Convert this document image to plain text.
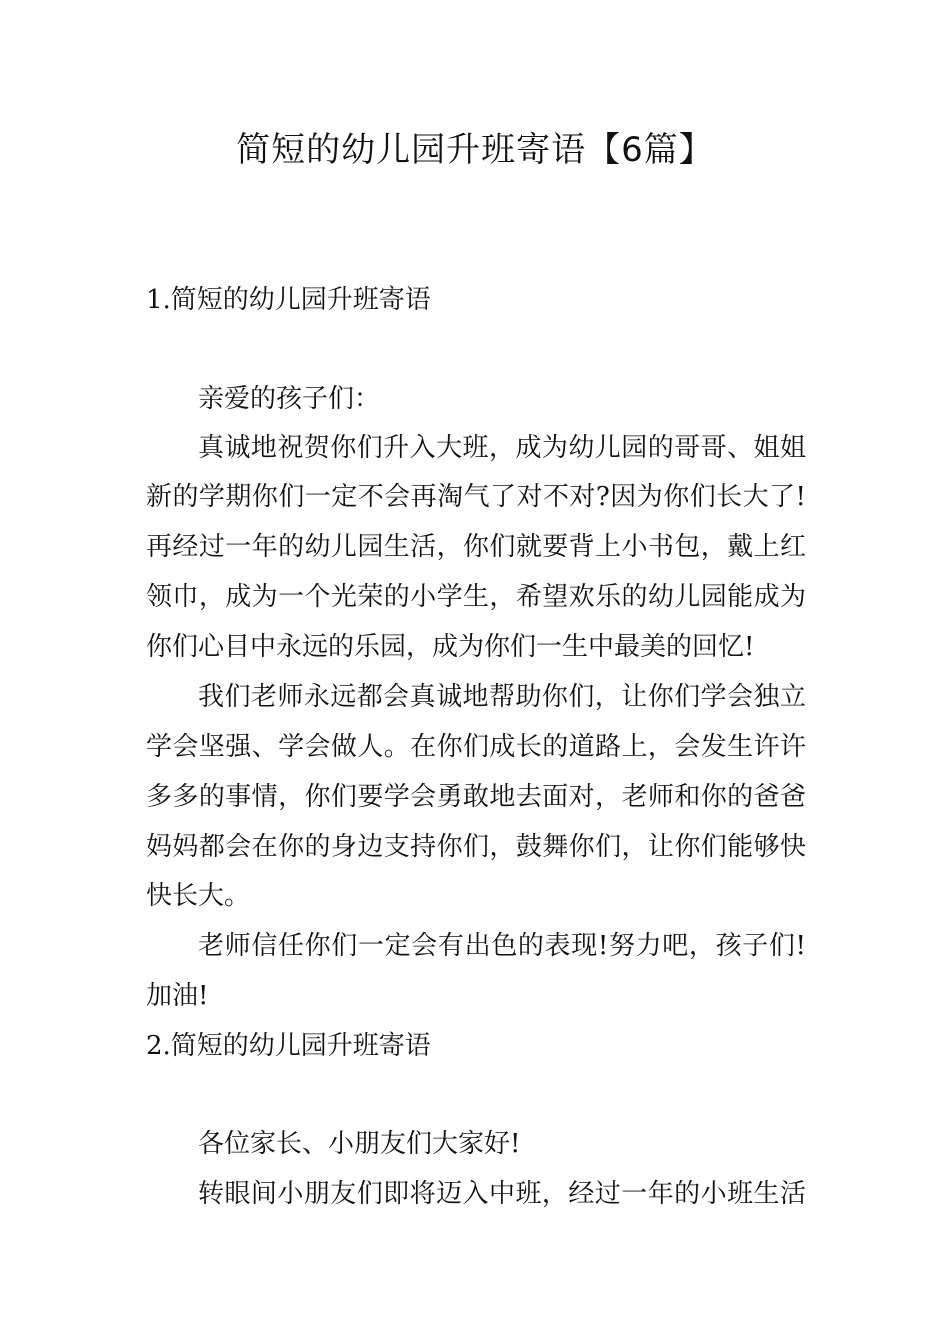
简短的幼儿园升班寄语【6篇】
1.简短的幼儿园升班寄语
亲爱的孩子们：
真诚地祝贺你们升入大班，成为幼儿园的哥哥、姐姐
新的学期你们一定不会再淘气了对不对?因为你们长大了!
再经过一年的幼儿园生活，你们就要背上小书包，戴上红
领巾，成为一个光荣的小学生，希望欢乐的幼儿园能成为
你们心目中永远的乐园，成为你们一生中最美的回忆!
我们老师永远都会真诚地帮助你们，让你们学会独立
学会坚强、学会做人。在你们成长的道路上，会发生许许
多多的事情，你们要学会勇敢地去面对，老师和你的爸爸
妈妈都会在你的身边支持你们，鼓舞你们，让你们能够快
快长大。
老师信任你们一定会有出色的表现!努力吧，孩子们!
加油!
2.简短的幼儿园升班寄语
各位家长、小朋友们大家好!
转眼间小朋友们即将迈入中班，经过一年的小班生活
